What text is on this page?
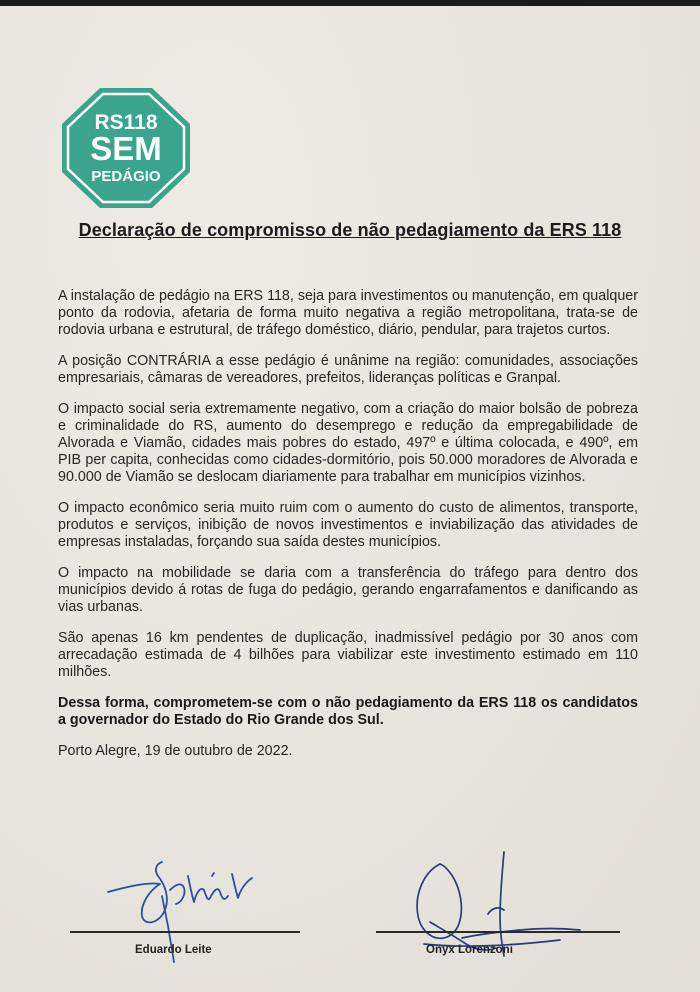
RS118
SEM
PEDÁGIO
Declaração de compromisso de não pedagiamento da ERS 118

A instalação de pedágio na ERS 118, seja para investimentos ou manutenção, em qualquer ponto da rodovia, afetaria de forma muito negativa a região metropolitana, trata-se de rodovia urbana e estrutural, de tráfego doméstico, diário, pendular, para trajetos curtos.

A posição CONTRÁRIA a esse pedágio é unânime na região: comunidades, associações empresariais, câmaras de vereadores, prefeitos, lideranças políticas e Granpal.

O impacto social seria extremamente negativo, com a criação do maior bolsão de pobreza e criminalidade do RS, aumento do desemprego e redução da empregabilidade de Alvorada e Viamão, cidades mais pobres do estado, 497º e última colocada, e 490º, em PIB per capita, conhecidas como cidades-dormitório, pois 50.000 moradores de Alvorada e 90.000 de Viamão se deslocam diariamente para trabalhar em municípios vizinhos.

O impacto econômico seria muito ruim com o aumento do custo de alimentos, transporte, produtos e serviços, inibição de novos investimentos e inviabilização das atividades de empresas instaladas, forçando sua saída destes municípios.

O impacto na mobilidade se daria com a transferência do tráfego para dentro dos municípios devido á rotas de fuga do pedágio, gerando engarrafamentos e danificando as vias urbanas.

São apenas 16 km pendentes de duplicação, inadmissível pedágio por 30 anos com arrecadação estimada de 4 bilhões para viabilizar este investimento estimado em 110 milhões.

Dessa forma, comprometem-se com o não pedagiamento da ERS 118 os candidatos a governador do Estado do Rio Grande dos Sul.

Porto Alegre, 19 de outubro de 2022.

Eduardo Leite	Onyx Lorenzoni
